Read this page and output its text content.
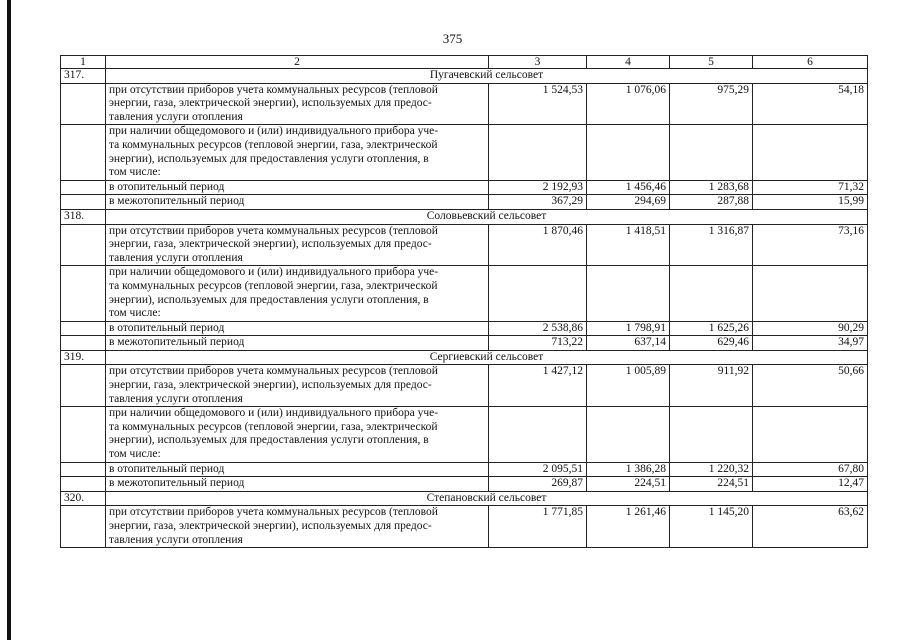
375
1	2	3	4	5	6
317.	Пугачевский сельсовет				

	при отсутствии приборов учета коммунальных ресурсов (тепловой
энергии, газа, электрической энергии), используемых для предос-
тавления услуги отопления	1 524,53	1 076,06	975,29	54,18

	при наличии общедомового и (или) индивидуального прибора уче-
та коммунальных ресурсов (тепловой энергии, газа, электрической
энергии), используемых для предоставления услуги отопления, в
том числе:				

	в отопительный период	2 192,93	1 456,46	1 283,68	71,32

	в межотопительный период	367,29	294,69	287,88	15,99
318.	Соловьевский сельсовет				

	при отсутствии приборов учета коммунальных ресурсов (тепловой
энергии, газа, электрической энергии), используемых для предос-
тавления услуги отопления	1 870,46	1 418,51	1 316,87	73,16

	при наличии общедомового и (или) индивидуального прибора уче-
та коммунальных ресурсов (тепловой энергии, газа, электрической
энергии), используемых для предоставления услуги отопления, в
том числе:				

	в отопительный период	2 538,86	1 798,91	1 625,26	90,29

	в межотопительный период	713,22	637,14	629,46	34,97
319.	Сергиевский сельсовет				

	при отсутствии приборов учета коммунальных ресурсов (тепловой
энергии, газа, электрической энергии), используемых для предос-
тавления услуги отопления	1 427,12	1 005,89	911,92	50,66

	при наличии общедомового и (или) индивидуального прибора уче-
та коммунальных ресурсов (тепловой энергии, газа, электрической
энергии), используемых для предоставления услуги отопления, в
том числе:				

	в отопительный период	2 095,51	1 386,28	1 220,32	67,80

	в межотопительный период	269,87	224,51	224,51	12,47
320.	Степановский сельсовет				

	при отсутствии приборов учета коммунальных ресурсов (тепловой
энергии, газа, электрической энергии), используемых для предос-
тавления услуги отопления	1 771,85	1 261,46	1 145,20	63,62
